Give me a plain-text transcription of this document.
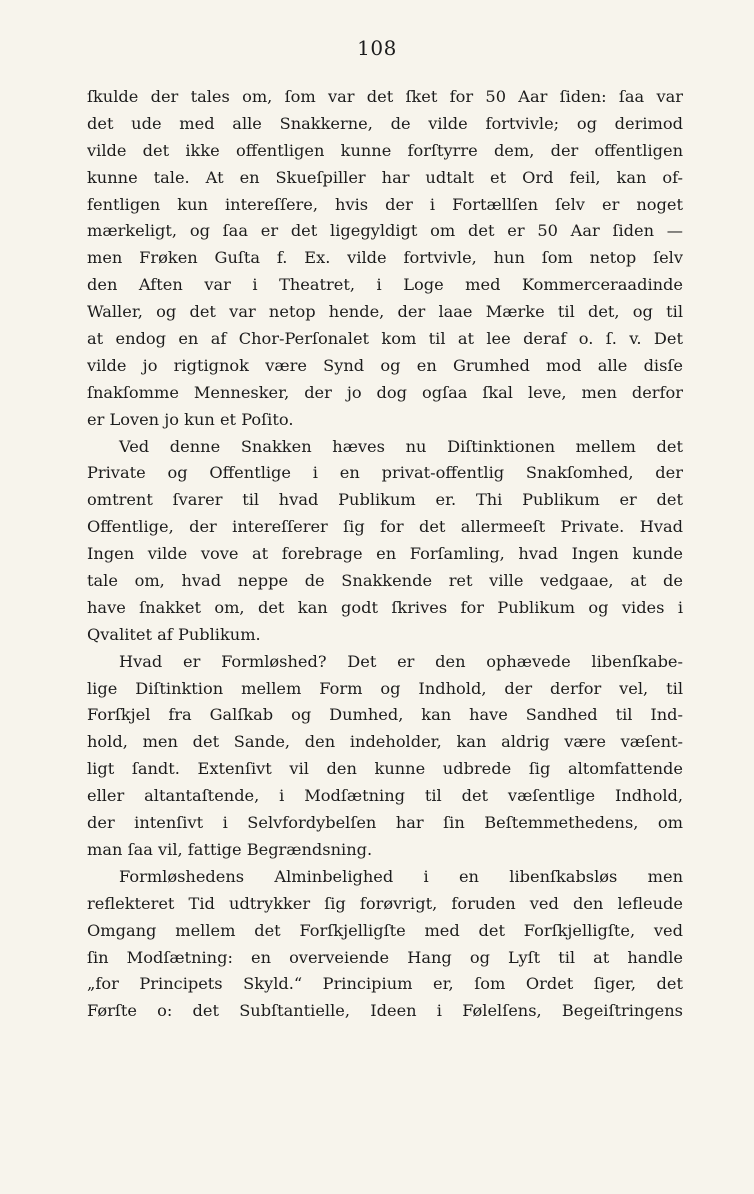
108
ſkulde der tales om, ſom var det ſket for 50 Aar ſiden: ſaa var
det ude med alle Snakkerne, de vilde fortvivle; og derimod
vilde det ikke offentligen kunne forſtyrre dem, der offentligen
kunne tale. At en Skueſpiller har udtalt et Ord feil, kan of-
fentligen kun intereſſere, hvis der i Fortællſen ſelv er noget
mærkeligt, og ſaa er det ligegyldigt om det er 50 Aar ſiden —
men Frøken Guſta f. Ex. vilde fortvivle, hun ſom netop ſelv
den Aften var i Theatret, i Loge med Kommerceraadinde
Waller, og det var netop hende, der laae Mærke til det, og til
at endog en af Chor-Perſonalet kom til at lee deraf o. ſ. v. Det
vilde jo rigtignok være Synd og en Grumhed mod alle disſe
ſnakſomme Mennesker, der jo dog ogſaa ſkal leve, men derfor
er Loven jo kun et Poſito.
Ved denne Snakken hæves nu Diſtinktionen mellem det
Private og Offentlige i en privat-offentlig Snakſomhed, der
omtrent ſvarer til hvad Publikum er. Thi Publikum er det
Offentlige, der intereſſerer ſig for det allermeeſt Private. Hvad
Ingen vilde vove at forebrage en Forſamling, hvad Ingen kunde
tale om, hvad neppe de Snakkende ret ville vedgaae, at de
have ſnakket om, det kan godt ſkrives for Publikum og vides i
Qvalitet af Publikum.
Hvad er Formløshed? Det er den ophævede libenſkabe-
lige Diſtinktion mellem Form og Indhold, der derfor vel, til
Forſkjel fra Galſkab og Dumhed, kan have Sandhed til Ind-
hold, men det Sande, den indeholder, kan aldrig være væſent-
ligt ſandt. Extenſivt vil den kunne udbrede ſig altomfattende
eller altantaſtende, i Modſætning til det væſentlige Indhold,
der intenſivt i Selvfordybelſen har ſin Beſtemmethedens, om
man ſaa vil, fattige Begrændsning.
Formløshedens Alminbelighed i en libenſkabsløs men
reflekteret Tid udtrykker ſig forøvrigt, foruden ved den lefleude
Omgang mellem det Forſkjelligſte med det Forſkjelligſte, ved
ſin Modſætning: en overveiende Hang og Lyſt til at handle
„for Principets Skyld.“ Principium er, ſom Ordet ſiger, det
Førſte o: det Subſtantielle, Ideen i Følelſens, Begeiſtringens
